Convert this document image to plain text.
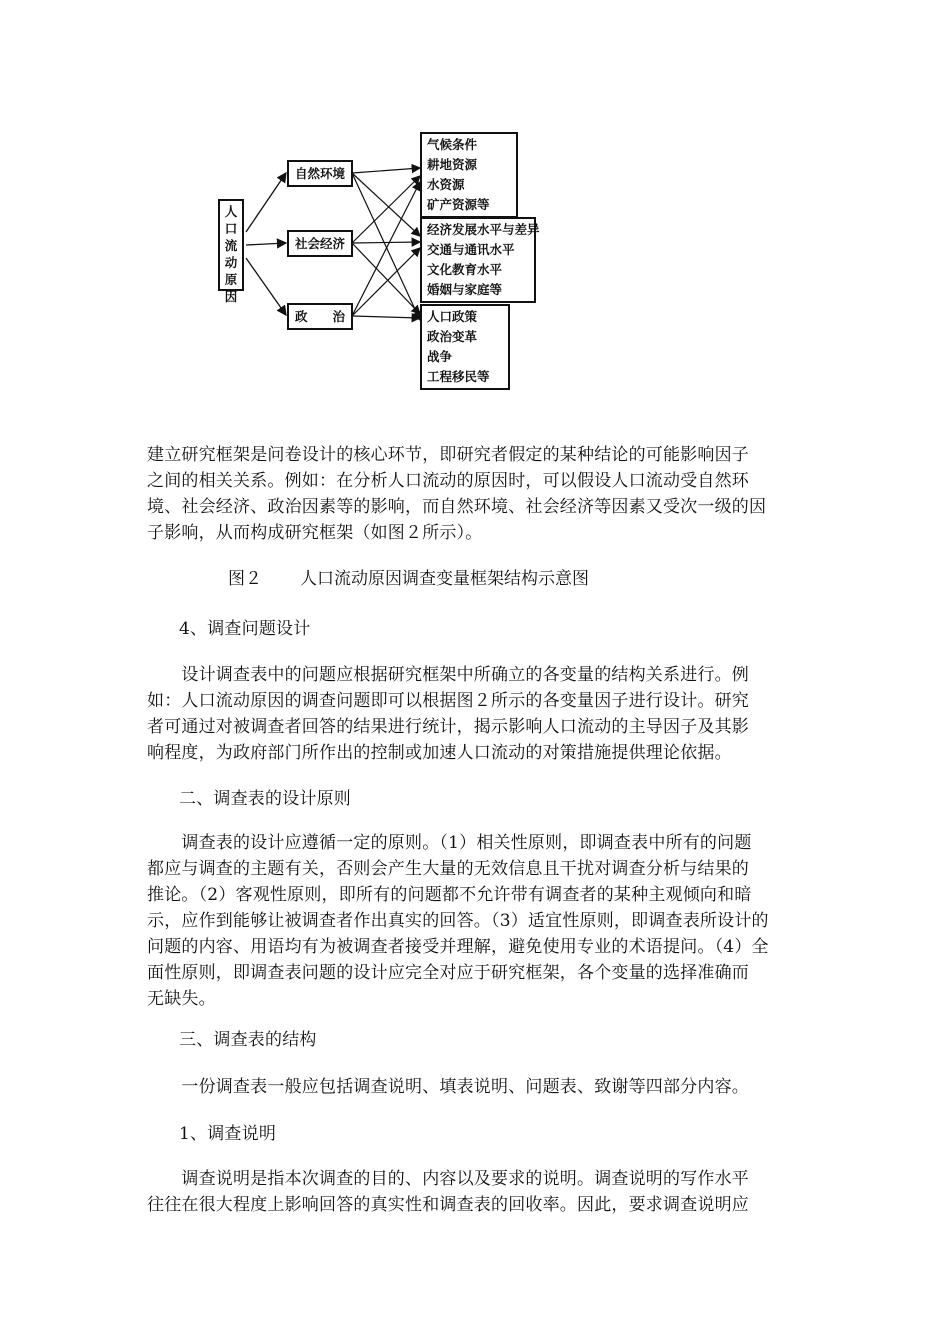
人
口
流
动
原
因
自然环境
社会经济
政　　治
气候条件
耕地资源
水资源
矿产资源等
经济发展水平与差异
交通与通讯水平
文化教育水平
婚姻与家庭等
人口政策
政治变革
战争
工程移民等

建立研究框架是问卷设计的核心环节，即研究者假定的某种结论的可能影响因子
之间的相关关系。例如：在分析人口流动的原因时，可以假设人口流动受自然环
境、社会经济、政治因素等的影响，而自然环境、社会经济等因素又受次一级的因
子影响，从而构成研究框架（如图２所示）。

图２ 人口流动原因调查变量框架结构示意图

4、调查问题设计

　　设计调查表中的问题应根据研究框架中所确立的各变量的结构关系进行。例
如：人口流动原因的调查问题即可以根据图２所示的各变量因子进行设计。研究
者可通过对被调查者回答的结果进行统计，揭示影响人口流动的主导因子及其影
响程度，为政府部门所作出的控制或加速人口流动的对策措施提供理论依据。

二、调查表的设计原则

　　调查表的设计应遵循一定的原则。（1）相关性原则，即调查表中所有的问题
都应与调查的主题有关，否则会产生大量的无效信息且干扰对调查分析与结果的
推论。（2）客观性原则，即所有的问题都不允许带有调查者的某种主观倾向和暗
示，应作到能够让被调查者作出真实的回答。（3）适宜性原则，即调查表所设计的
问题的内容、用语均有为被调查者接受并理解，避免使用专业的术语提问。（4）全
面性原则，即调查表问题的设计应完全对应于研究框架，各个变量的选择准确而
无缺失。

三、调查表的结构

　　一份调查表一般应包括调查说明、填表说明、问题表、致谢等四部分内容。

1、调查说明

　　调查说明是指本次调查的目的、内容以及要求的说明。调查说明的写作水平
往往在很大程度上影响回答的真实性和调查表的回收率。因此，要求调查说明应
